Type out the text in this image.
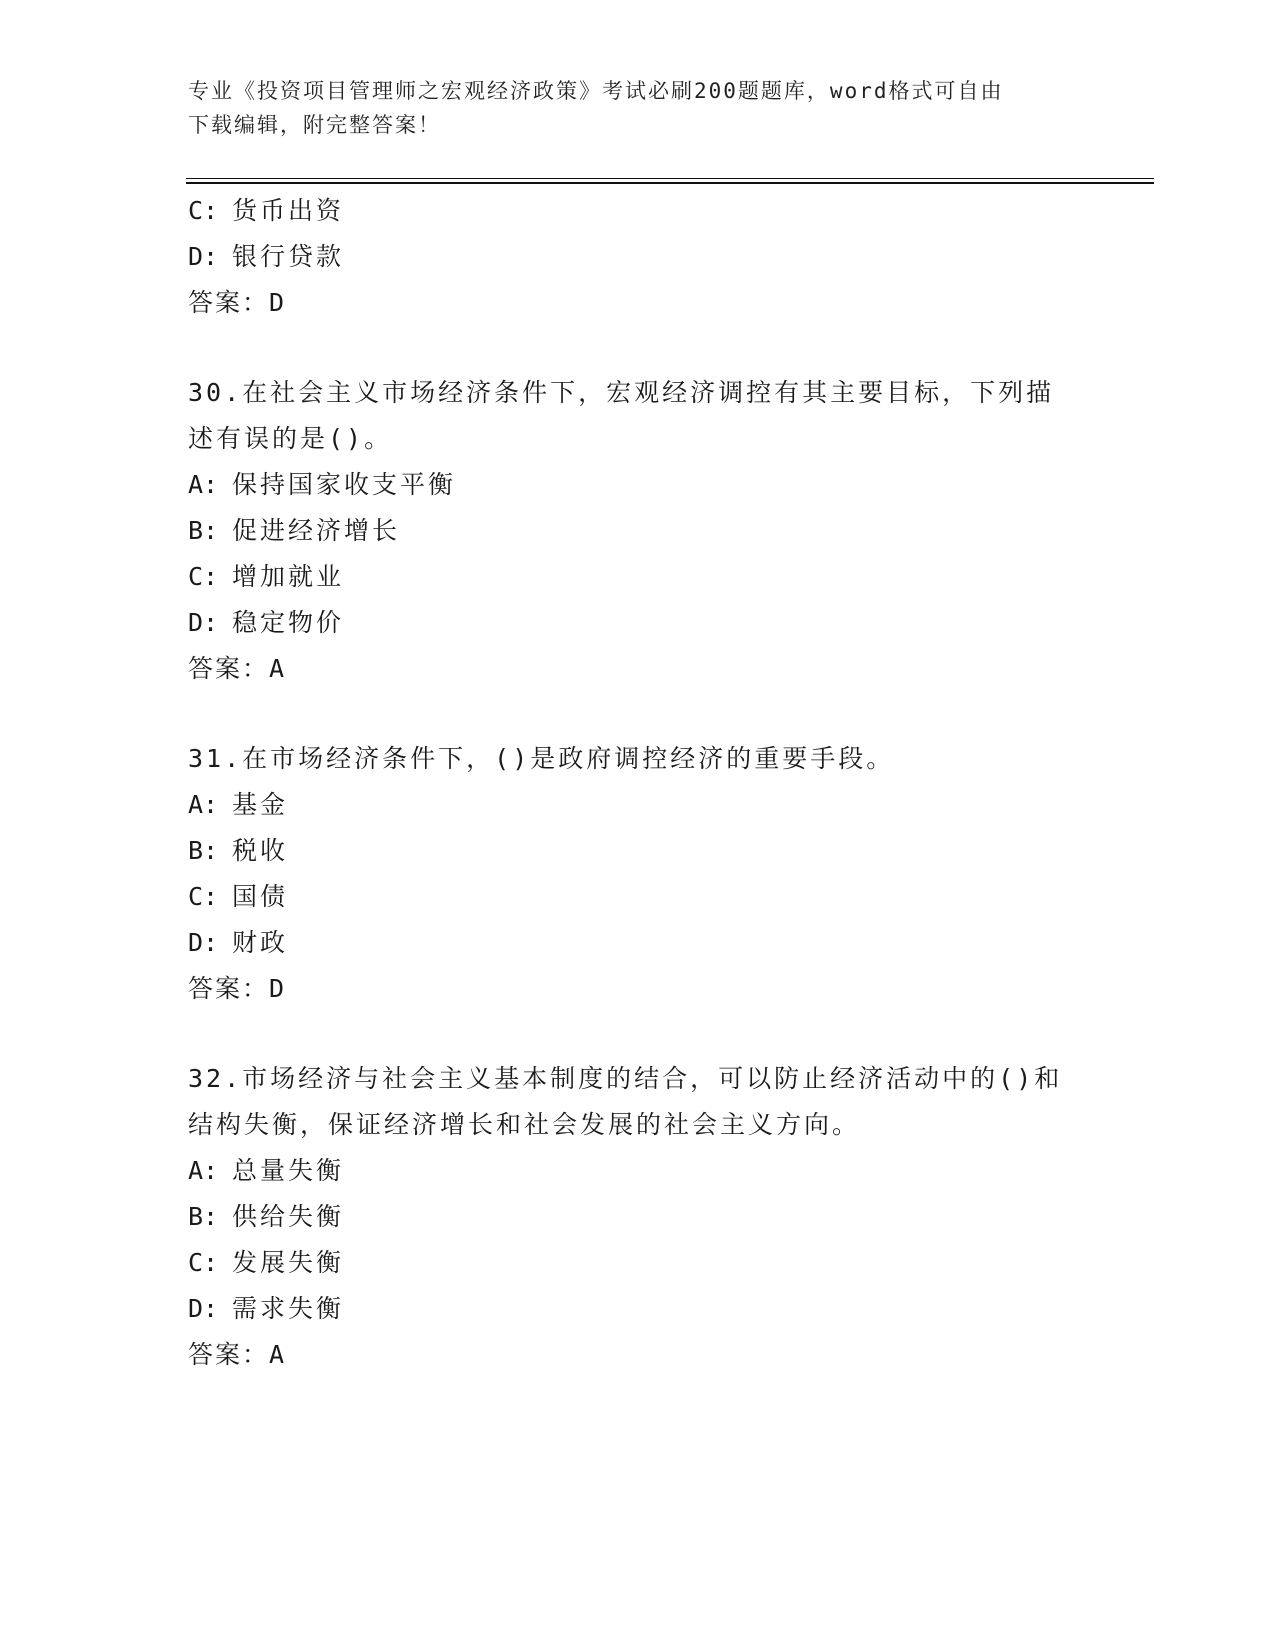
专业《投资项目管理师之宏观经济政策》考试必刷200题题库，word格式可自由
下载编辑，附完整答案！
C: 货币出资
D: 银行贷款
答案：D
30.在社会主义市场经济条件下，宏观经济调控有其主要目标，下列描
述有误的是()。
A: 保持国家收支平衡
B: 促进经济增长
C: 增加就业
D: 稳定物价
答案：A
31.在市场经济条件下，()是政府调控经济的重要手段。
A: 基金
B: 税收
C: 国债
D: 财政
答案：D
32.市场经济与社会主义基本制度的结合，可以防止经济活动中的()和
结构失衡，保证经济增长和社会发展的社会主义方向。
A: 总量失衡
B: 供给失衡
C: 发展失衡
D: 需求失衡
答案：A
